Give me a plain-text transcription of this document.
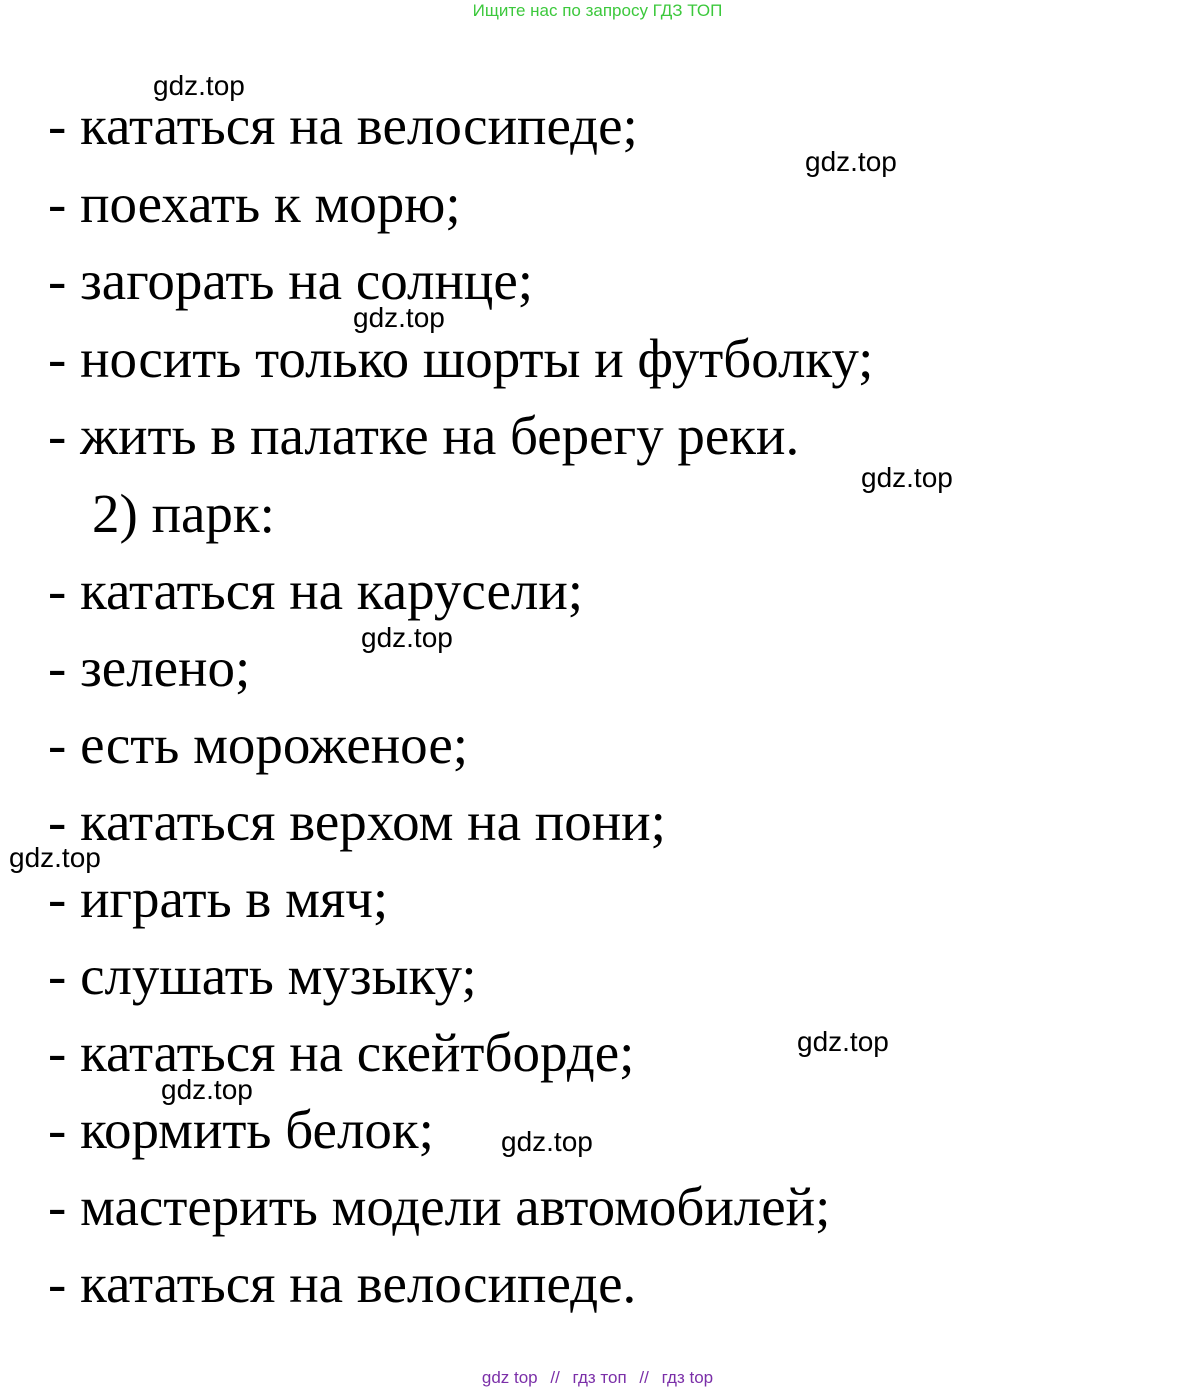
Ищите нас по запросу ГДЗ ТОП
- кататься на велосипеде;
- поехать к морю;
- загорать на солнце;
- носить только шорты и футболку;
- жить в палатке на берегу реки.
2) парк:
- кататься на карусели;
- зелено;
- есть мороженое;
- кататься верхом на пони;
- играть в мяч;
- слушать музыку;
- кататься на скейтборде;
- кормить белок;
- мастерить модели автомобилей;
- кататься на велосипеде.
gdz.top
gdz.top
gdz.top
gdz.top
gdz.top
gdz.top
gdz.top
gdz.top
gdz.top
gdz top // гдз топ // гдз top
